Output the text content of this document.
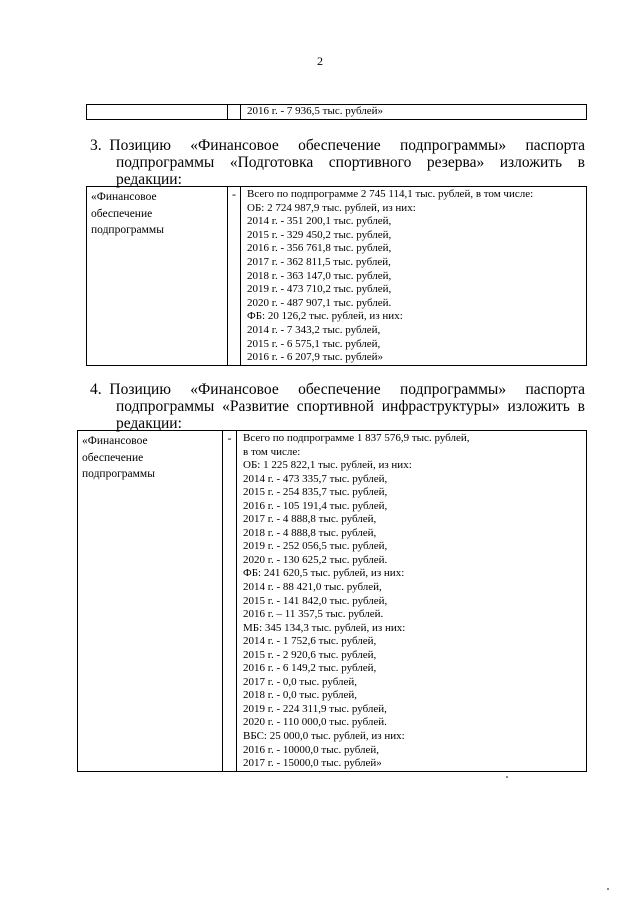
2

2016 г. - 7 936,5 тыс. рублей»
3. Позицию «Финансовое обеспечение подпрограммы» паспорта
подпрограммы «Подготовка спортивного резерва» изложить в
редакции:
«Финансовое
обеспечение
подпрограммы
	-	Всего по подпрограмме 2 745 114,1 тыс. рублей, в том числе:
ОБ: 2 724 987,9 тыс. рублей, из них:
2014 г. - 351 200,1 тыс. рублей,
2015 г. - 329 450,2 тыс. рублей,
2016 г. - 356 761,8 тыс. рублей,
2017 г. - 362 811,5 тыс. рублей,
2018 г. - 363 147,0 тыс. рублей,
2019 г. - 473 710,2 тыс. рублей,
2020 г. - 487 907,1 тыс. рублей.
ФБ: 20 126,2 тыс. рублей, из них:
2014 г. - 7 343,2 тыс. рублей,
2015 г. - 6 575,1 тыс. рублей,
2016 г. - 6 207,9 тыс. рублей»
4. Позицию «Финансовое обеспечение подпрограммы» паспорта
подпрограммы «Развитие спортивной инфраструктуры» изложить в
редакции:
«Финансовое
обеспечение
подпрограммы
	-	Всего по подпрограмме 1 837 576,9 тыс. рублей,
в том числе:
ОБ: 1 225 822,1 тыс. рублей, из них:
2014 г. - 473 335,7 тыс. рублей,
2015 г. - 254 835,7 тыс. рублей,
2016 г. - 105 191,4 тыс. рублей,
2017 г. - 4 888,8 тыс. рублей,
2018 г. - 4 888,8 тыс. рублей,
2019 г. - 252 056,5 тыс. рублей,
2020 г. - 130 625,2 тыс. рублей.
ФБ: 241 620,5 тыс. рублей, из них:
2014 г. - 88 421,0 тыс. рублей,
2015 г. - 141 842,0 тыс. рублей,
2016 г. – 11 357,5 тыс. рублей.
МБ: 345 134,3 тыс. рублей, из них:
2014 г. - 1 752,6 тыс. рублей,
2015 г. - 2 920,6 тыс. рублей,
2016 г. - 6 149,2 тыс. рублей,
2017 г. - 0,0 тыс. рублей,
2018 г. - 0,0 тыс. рублей,
2019 г. - 224 311,9 тыс. рублей,
2020 г. - 110 000,0 тыс. рублей.
ВБС: 25 000,0 тыс. рублей, из них:
2016 г. - 10000,0 тыс. рублей,
2017 г. - 15000,0 тыс. рублей»
